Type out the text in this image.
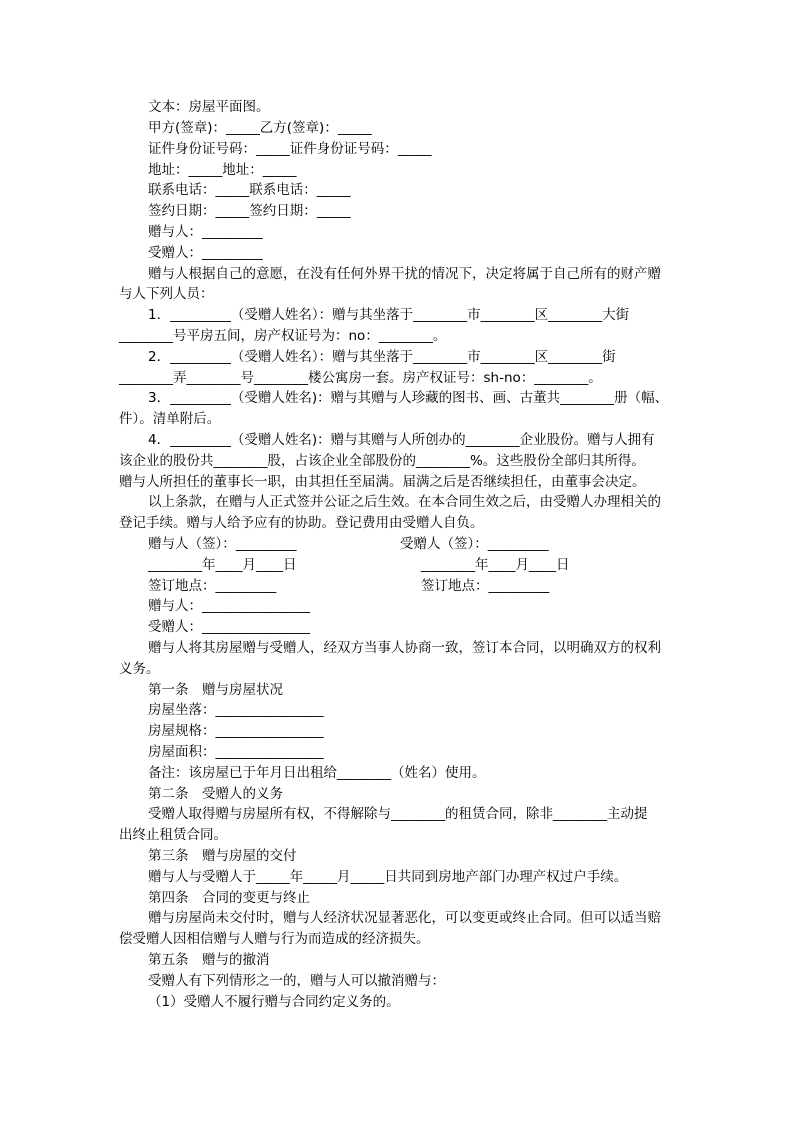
文本：房屋平面图。
甲方(签章)：_____乙方(签章)：_____
证件身份证号码：_____证件身份证号码：_____
地址：_____地址：_____
联系电话：_____联系电话：_____
签约日期：_____签约日期：_____
赠与人：_________
受赠人：_________
赠与人根据自己的意愿，在没有任何外界干扰的情况下，决定将属于自己所有的财产赠
与人下列人员：
1．_________（受赠人姓名）：赠与其坐落于________市________区________大街
________号平房五间，房产权证号为：no：________。
2．_________（受赠人姓名）：赠与其坐落于________市________区________街
________弄________号________楼公寓房一套。房产权证号：sh-no：________。
3．_________（受赠人姓名)：赠与其赠与人珍藏的图书、画、古董共________册（幅、
件）。清单附后。
4．_________（受赠人姓名)：赠与其赠与人所创办的________企业股份。赠与人拥有
该企业的股份共________股，占该企业全部股份的________%。这些股份全部归其所得。
赠与人所担任的董事长一职，由其担任至届满。届满之后是否继续担任，由董事会决定。
以上条款，在赠与人正式签并公证之后生效。在本合同生效之后，由受赠人办理相关的
登记手续。赠与人给予应有的协助。登记费用由受赠人自负。
赠与人（签）：_________	受赠人（签）：_________
________年____月____日	________年____月____日
签订地点：_________	签订地点：_________
赠与人：________________
受赠人：________________
赠与人将其房屋赠与受赠人，经双方当事人协商一致，签订本合同，以明确双方的权利
义务。
第一条　赠与房屋状况
房屋坐落：________________
房屋规格：________________
房屋面积：________________
备注：该房屋已于年月日出租给________（姓名）使用。
第二条　受赠人的义务
受赠人取得赠与房屋所有权，不得解除与________的租赁合同，除非________主动提
出终止租赁合同。
第三条　赠与房屋的交付
赠与人与受赠人于_____年_____月_____日共同到房地产部门办理产权过户手续。
第四条　合同的变更与终止
赠与房屋尚未交付时，赠与人经济状况显著恶化，可以变更或终止合同。但可以适当赔
偿受赠人因相信赠与人赠与行为而造成的经济损失。
第五条　赠与的撤消
受赠人有下列情形之一的，赠与人可以撤消赠与：
（1）受赠人不履行赠与合同约定义务的。
